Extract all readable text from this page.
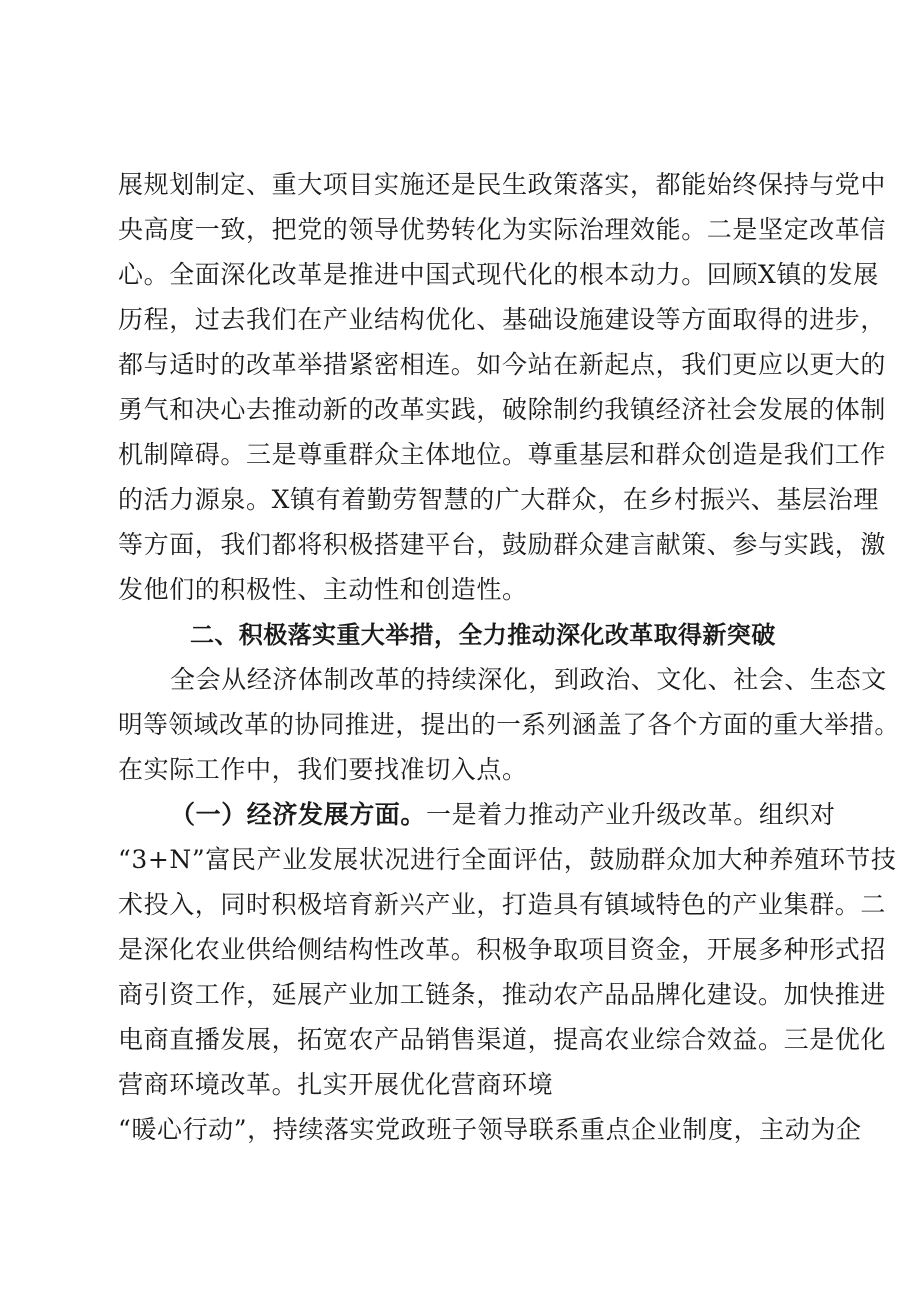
展规划制定、重大项目实施还是民生政策落实，都能始终保持与党中
央高度一致，把党的领导优势转化为实际治理效能。二是坚定改革信
心。全面深化改革是推进中国式现代化的根本动力。回顾X镇的发展
历程，过去我们在产业结构优化、基础设施建设等方面取得的进步，
都与适时的改革举措紧密相连。如今站在新起点，我们更应以更大的
勇气和决心去推动新的改革实践，破除制约我镇经济社会发展的体制
机制障碍。三是尊重群众主体地位。尊重基层和群众创造是我们工作
的活力源泉。X镇有着勤劳智慧的广大群众，在乡村振兴、基层治理
等方面，我们都将积极搭建平台，鼓励群众建言献策、参与实践，激
发他们的积极性、主动性和创造性。
二、积极落实重大举措，全力推动深化改革取得新突破
全会从经济体制改革的持续深化，到政治、文化、社会、生态文
明等领域改革的协同推进，提出的一系列涵盖了各个方面的重大举措。
在实际工作中，我们要找准切入点。
（一）经济发展方面。一是着力推动产业升级改革。组织对
“3+N”富民产业发展状况进行全面评估，鼓励群众加大种养殖环节技
术投入，同时积极培育新兴产业，打造具有镇域特色的产业集群。二
是深化农业供给侧结构性改革。积极争取项目资金，开展多种形式招
商引资工作，延展产业加工链条，推动农产品品牌化建设。加快推进
电商直播发展，拓宽农产品销售渠道，提高农业综合效益。三是优化
营商环境改革。扎实开展优化营商环境
“暖心行动”，持续落实党政班子领导联系重点企业制度，主动为企
